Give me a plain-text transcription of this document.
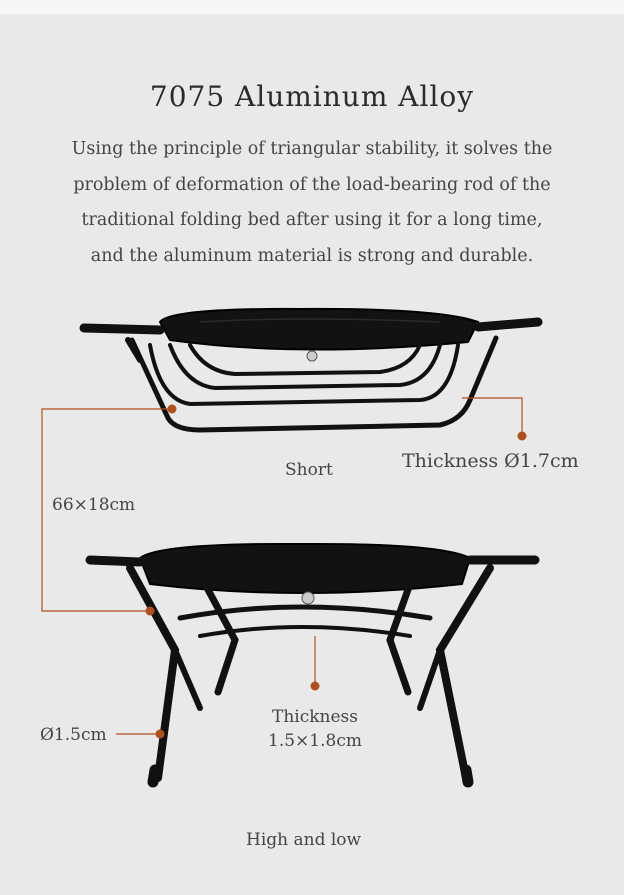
7075 Aluminum Alloy
Using the principle of triangular stability, it solves the
problem of deformation of the load-bearing rod of the
traditional folding bed after using it for a long time,
and the aluminum material is strong and durable.
Short	Thickness Ø1.7cm
66×18cm
Ø1.5cm
Thickness
1.5×1.8cm
High and low
